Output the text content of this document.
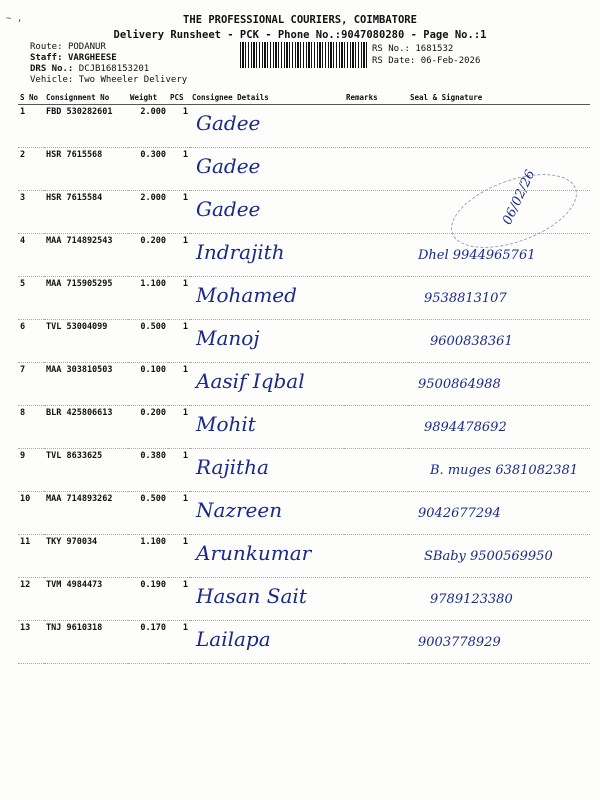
~ ,	THE PROFESSIONAL COURIERS, COIMBATORE
Delivery Runsheet - PCK - Phone No.:9047080280 - Page No.:1
Route: PODANUR
Staff: VARGHEESE
DRS No.: DCJB168153201
Vehicle: Two Wheeler Delivery
RS No.: 1681532
RS Date: 06-Feb-2026
06/02/26
S No	Consignment No	Weight	PCS	Consignee Details	Remarks	Seal & Signature
1	FBD 530282601	2.000	1	Gadee		

2	HSR 7615568	0.300	1	Gadee		

3	HSR 7615584	2.000	1	Gadee		

4	MAA 714892543	0.200	1	Indrajith		Dhel 9944965761

5	MAA 715905295	1.100	1	Mohamed		9538813107

6	TVL 53004099	0.500	1	Manoj		9600838361

7	MAA 303810503	0.100	1	Aasif Iqbal		9500864988

8	BLR 425806613	0.200	1	Mohit		9894478692

9	TVL 8633625	0.380	1	Rajitha		B. muges 6381082381

10	MAA 714893262	0.500	1	Nazreen		9042677294

11	TKY 970034	1.100	1	Arunkumar		SBaby 9500569950

12	TVM 4984473	0.190	1	Hasan Sait		9789123380

13	TNJ 9610318	0.170	1	Lailapa		9003778929
